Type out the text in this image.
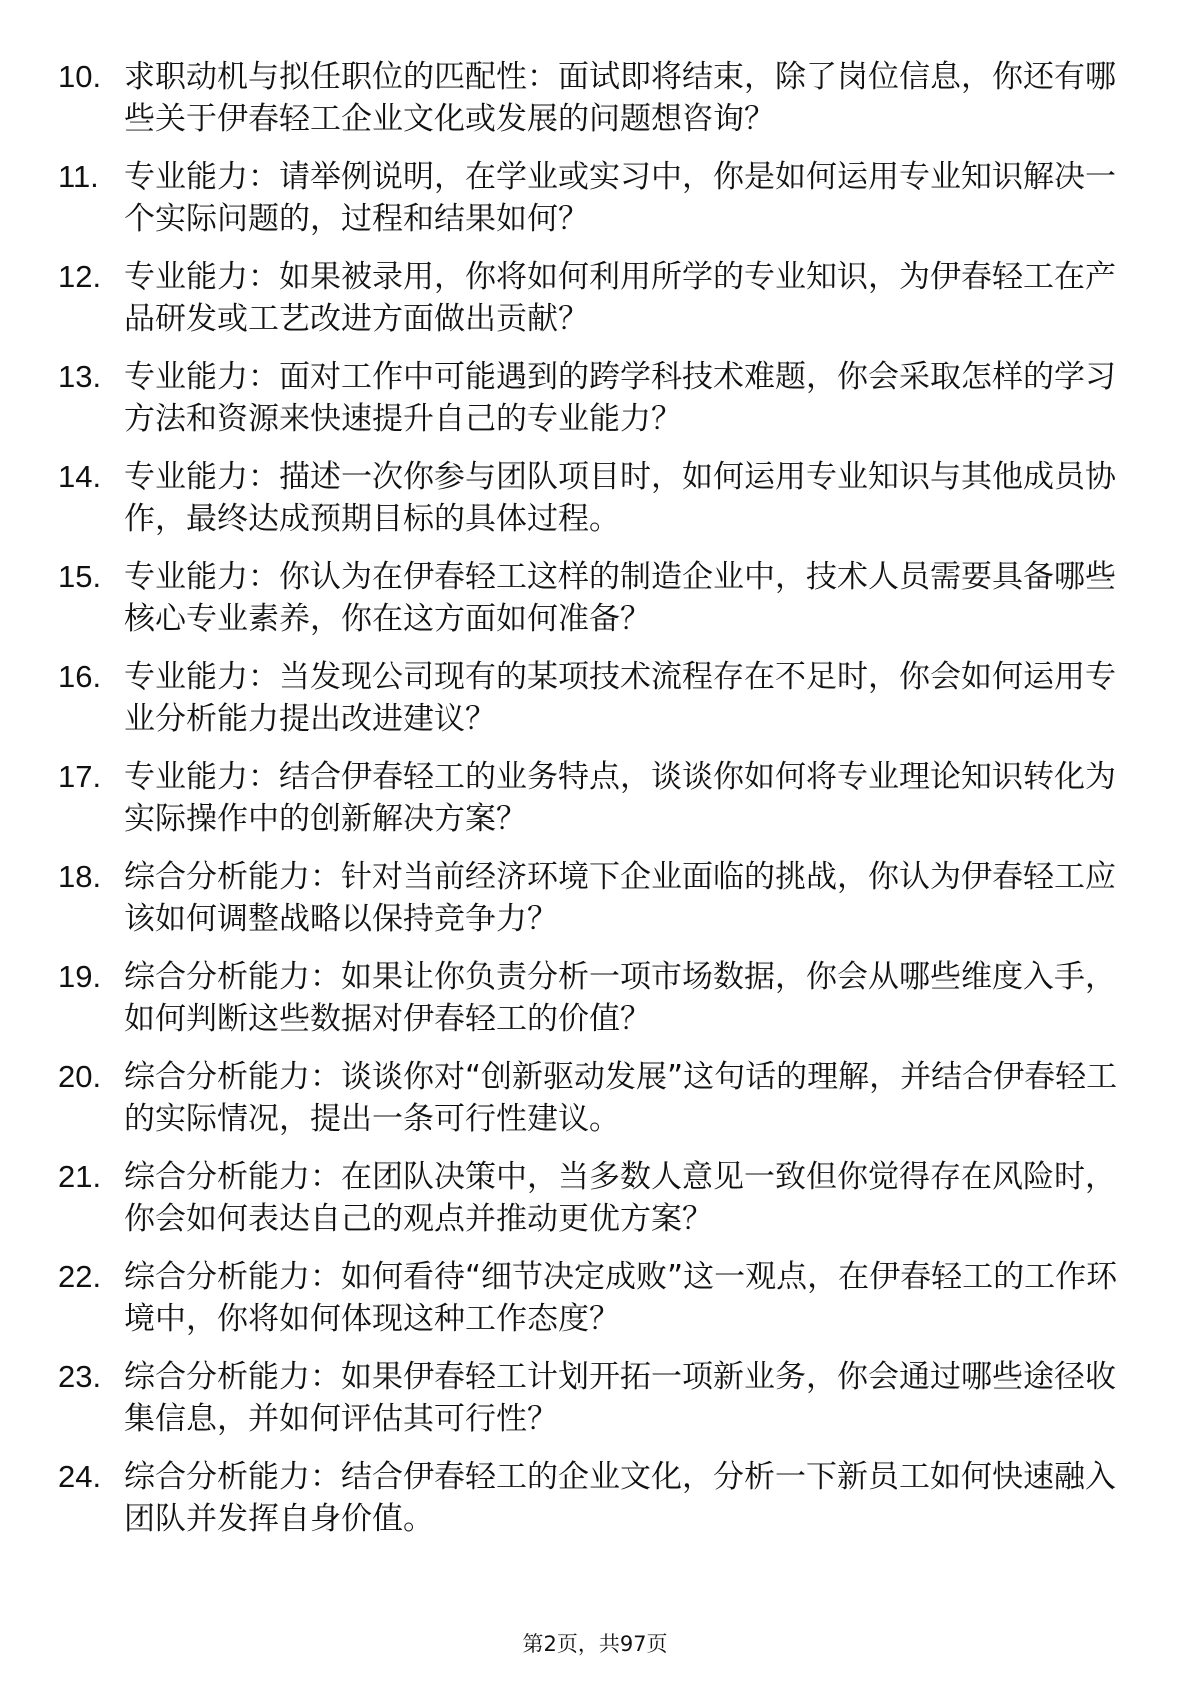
10. 求职动机与拟任职位的匹配性：面试即将结束，除了岗位信息，你还有哪些关于伊春轻工企业文化或发展的问题想咨询？
11. 专业能力：请举例说明，在学业或实习中，你是如何运用专业知识解决一个实际问题的，过程和结果如何？
12. 专业能力：如果被录用，你将如何利用所学的专业知识，为伊春轻工在产品研发或工艺改进方面做出贡献？
13. 专业能力：面对工作中可能遇到的跨学科技术难题，你会采取怎样的学习方法和资源来快速提升自己的专业能力？
14. 专业能力：描述一次你参与团队项目时，如何运用专业知识与其他成员协作，最终达成预期目标的具体过程。
15. 专业能力：你认为在伊春轻工这样的制造企业中，技术人员需要具备哪些核心专业素养，你在这方面如何准备？
16. 专业能力：当发现公司现有的某项技术流程存在不足时，你会如何运用专业分析能力提出改进建议？
17. 专业能力：结合伊春轻工的业务特点，谈谈你如何将专业理论知识转化为实际操作中的创新解决方案？
18. 综合分析能力：针对当前经济环境下企业面临的挑战，你认为伊春轻工应该如何调整战略以保持竞争力？
19. 综合分析能力：如果让你负责分析一项市场数据，你会从哪些维度入手，如何判断这些数据对伊春轻工的价值？
20. 综合分析能力：谈谈你对“创新驱动发展”这句话的理解，并结合伊春轻工的实际情况，提出一条可行性建议。
21. 综合分析能力：在团队决策中，当多数人意见一致但你觉得存在风险时，你会如何表达自己的观点并推动更优方案？
22. 综合分析能力：如何看待“细节决定成败”这一观点，在伊春轻工的工作环境中，你将如何体现这种工作态度？
23. 综合分析能力：如果伊春轻工计划开拓一项新业务，你会通过哪些途径收集信息，并如何评估其可行性？
24. 综合分析能力：结合伊春轻工的企业文化，分析一下新员工如何快速融入团队并发挥自身价值。
第2页，共97页
